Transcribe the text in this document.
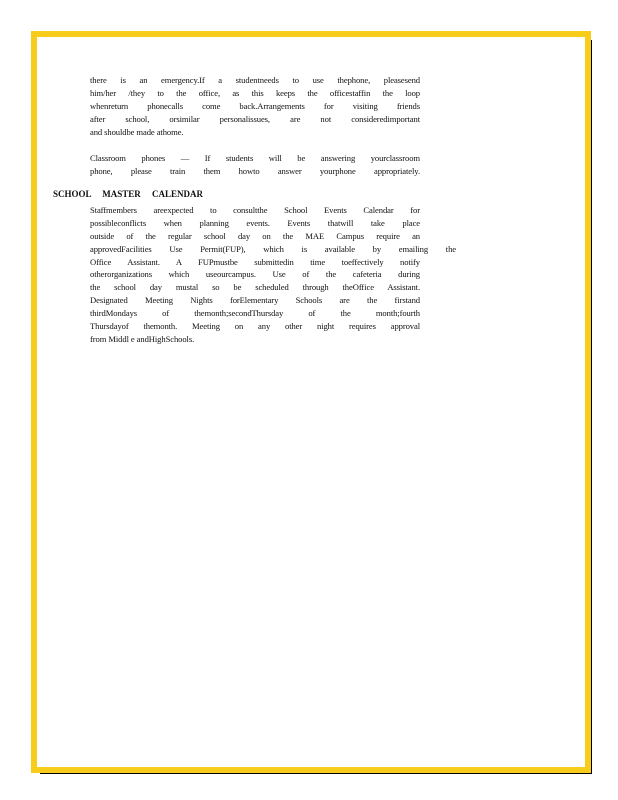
there is an emergency.If a studentneeds to use thephone, pleasesend
him/her /they to the office, as this keeps the officestaffin the loop
whenreturn phonecalls come back.Arrangements for visiting friends
after school, orsimilar personalissues, are not consideredimportant
and shouldbe made athome.
Classroom phones — If students will be answering yourclassroom
phone, please train them howto answer yourphone appropriately.
SCHOOL MASTER CALENDAR
Staffmembers areexpected to consultthe School Events Calendar for
possibleconflicts when planning events. Events thatwill take place
outside of the regular school day on the MAE Campus require an
approvedFacilities Use Permit(FUP), which is available by emailing the
Office Assistant. A FUPmustbe submittedin time toeffectively notify
otherorganizations which useourcampus. Use of the cafeteria during
the school day mustal so be scheduled through theOffice Assistant.
Designated Meeting Nights forElementary Schools are the firstand
thirdMondays of themonth;secondThursday of the month;fourth
Thursdayof themonth. Meeting on any other night requires approval
from Middl e andHighSchools.
